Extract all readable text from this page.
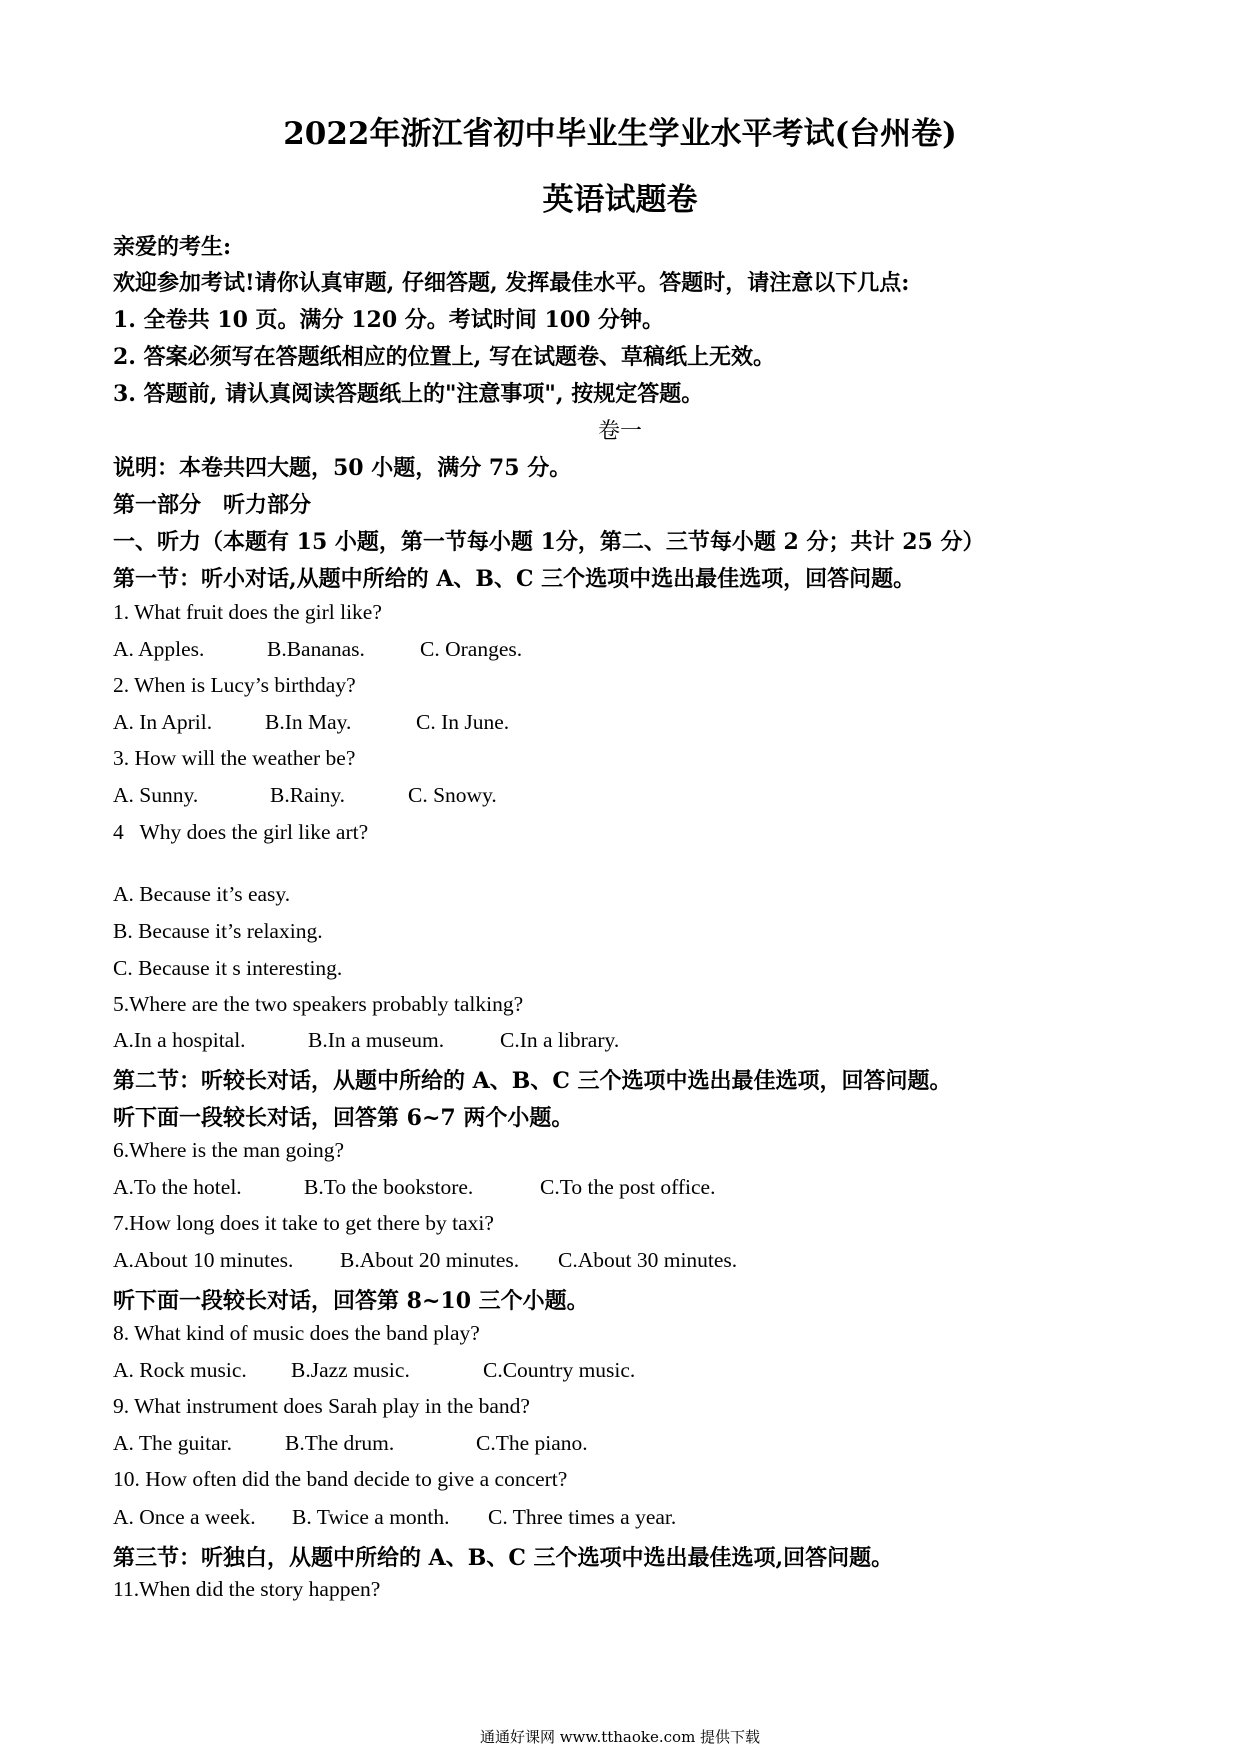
2022年浙江省初中毕业生学业水平考试(台州卷)
英语试题卷
亲爱的考生:
欢迎参加考试!请你认真审题, 仔细答题, 发挥最佳水平。答题时，请注意以下几点:
1. 全卷共 10 页。满分 120 分。考试时间 100 分钟。
2. 答案必须写在答题纸相应的位置上, 写在试题卷、草稿纸上无效。
3. 答题前, 请认真阅读答题纸上的"注意事项", 按规定答题。
卷一
说明：本卷共四大题，50 小题，满分 75 分。
第一部分　听力部分
一、听力（本题有 15 小题，第一节每小题 1分，第二、三节每小题 2 分；共计 25 分）
第一节：听小对话,从题中所给的 A、B、C 三个选项中选出最佳选项，回答问题。
1. What fruit does the girl like?
A. Apples.	B.Bananas.	C. Oranges.
2. When is Lucy’s birthday?
A. In April. B.In May.	C. In June.
3. How will the weather be?
A. Sunny.	B.Rainy.	C. Snowy.
4   Why does the girl like art?
A. Because it’s easy.
B. Because it’s relaxing.
C. Because it s interesting.
5.Where are the two speakers probably talking?
A.In a hospital.	B.In a museum.	C.In a library.
第二节：听较长对话，从题中所给的 A、B、C 三个选项中选出最佳选项，回答问题。
听下面一段较长对话，回答第 6~7 两个小题。
6.Where is the man going?
A.To the hotel.	B.To the bookstore.	C.To the post office.
7.How long does it take to get there by taxi?
A.About 10 minutes. B.About 20 minutes. C.About 30 minutes.
听下面一段较长对话，回答第 8~10 三个小题。
8. What kind of music does the band play?
A. Rock music. B.Jazz music.	C.Country music.
9. What instrument does Sarah play in the band?
A. The guitar. B.The drum.	C.The piano.
10. How often did the band decide to give a concert?
A. Once a week. B. Twice a month. C. Three times a year.
第三节：听独白，从题中所给的 A、B、C 三个选项中选出最佳选项,回答问题。
11.When did the story happen?
通通好课网 www.tthaoke.com 提供下载
